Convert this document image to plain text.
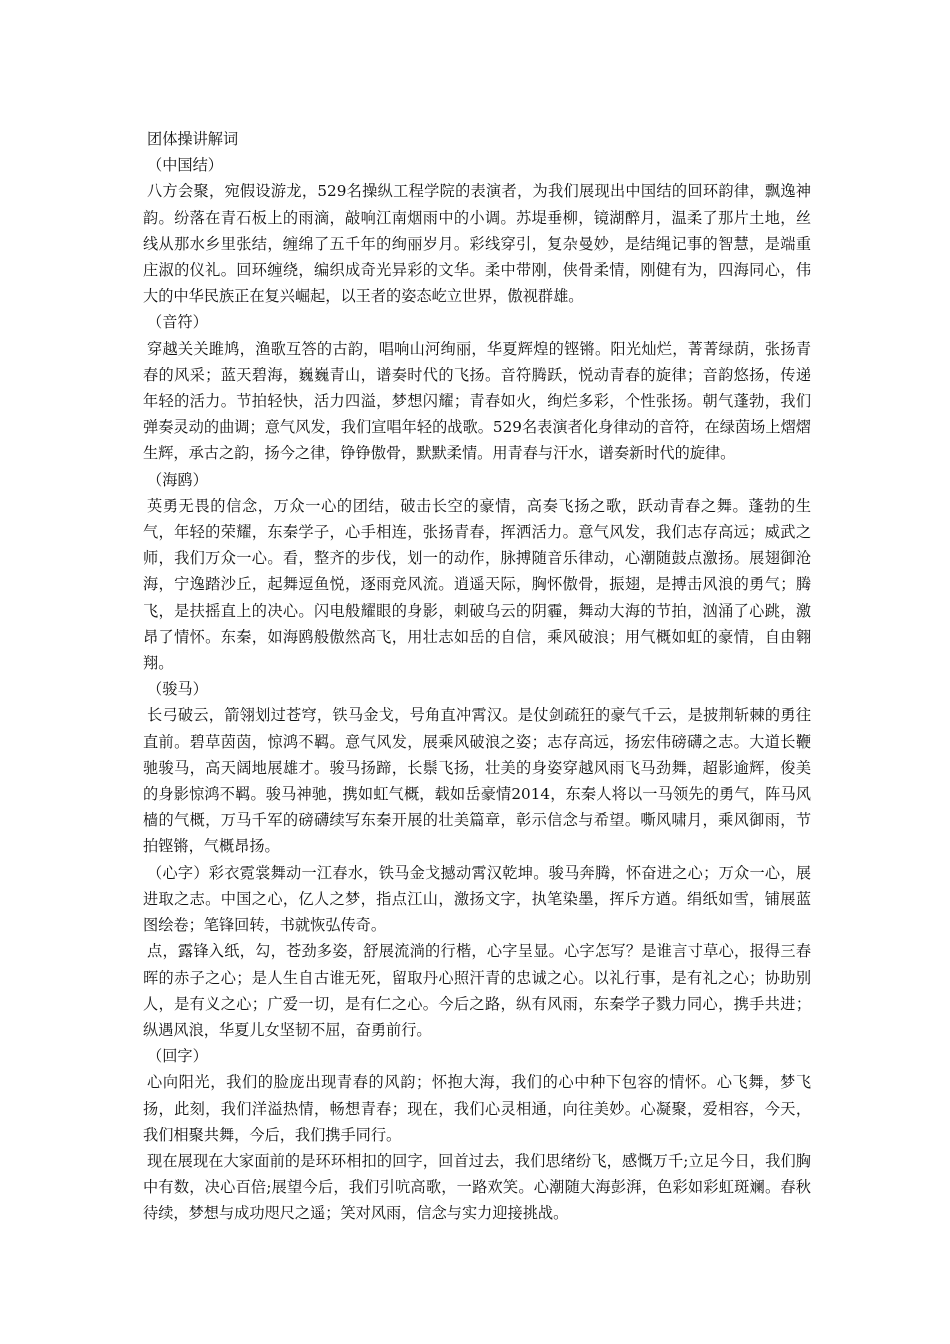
团体操讲解词

（中国结）

八方会聚，宛假设游龙，529名操纵工程学院的表演者，为我们展现出中国结的回环韵律，飘逸神韵。纷落在青石板上的雨滴，敲响江南烟雨中的小调。苏堤垂柳，镜湖醉月，温柔了那片土地，丝线从那水乡里张结，缠绵了五千年的绚丽岁月。彩线穿引，复杂曼妙，是结绳记事的智慧，是端重庄淑的仪礼。回环缠绕，编织成奇光异彩的文华。柔中带刚，侠骨柔情，刚健有为，四海同心，伟大的中华民族正在复兴崛起，以王者的姿态屹立世界，傲视群雄。

（音符）

穿越关关雎鸠，渔歌互答的古韵，唱响山河绚丽，华夏辉煌的铿锵。阳光灿烂，菁菁绿荫，张扬青春的风采；蓝天碧海，巍巍青山，谱奏时代的飞扬。音符腾跃，悦动青春的旋律；音韵悠扬，传递年轻的活力。节拍轻快，活力四溢，梦想闪耀；青春如火，绚烂多彩，个性张扬。朝气蓬勃，我们弹奏灵动的曲调；意气风发，我们宣唱年轻的战歌。529名表演者化身律动的音符，在绿茵场上熠熠生辉，承古之韵，扬今之律，铮铮傲骨，默默柔情。用青春与汗水，谱奏新时代的旋律。

（海鸥）

英勇无畏的信念，万众一心的团结，破击长空的豪情，高奏飞扬之歌，跃动青春之舞。蓬勃的生气，年轻的荣耀，东秦学子，心手相连，张扬青春，挥洒活力。意气风发，我们志存高远；威武之师，我们万众一心。看，整齐的步伐，划一的动作，脉搏随音乐律动，心潮随鼓点激扬。展翅御沧海，宁逸踏沙丘，起舞逗鱼悦，逐雨竞风流。逍遥天际，胸怀傲骨，振翅，是搏击风浪的勇气；腾飞，是扶摇直上的决心。闪电般耀眼的身影，刺破乌云的阴霾，舞动大海的节拍，汹涌了心跳，激昂了情怀。东秦，如海鸥般傲然高飞，用壮志如岳的自信，乘风破浪；用气概如虹的豪情，自由翱翔。

（骏马）

长弓破云，箭翎划过苍穹，铁马金戈，号角直冲霄汉。是仗剑疏狂的豪气千云，是披荆斩棘的勇往直前。碧草茵茵，惊鸿不羁。意气风发，展乘风破浪之姿；志存高远，扬宏伟磅礴之志。大道长鞭驰骏马，高天阔地展雄才。骏马扬蹄，长鬃飞扬，壮美的身姿穿越风雨飞马劲舞，超影逾辉，俊美的身影惊鸿不羁。骏马神驰，携如虹气概，载如岳豪情2014，东秦人将以一马领先的勇气，阵马风樯的气概，万马千军的磅礴续写东秦开展的壮美篇章，彰示信念与希望。嘶风啸月，乘风御雨，节拍铿锵，气概昂扬。

（心字）彩衣霓裳舞动一江春水，铁马金戈撼动霄汉乾坤。骏马奔腾，怀奋进之心；万众一心，展进取之志。中国之心，亿人之梦，指点江山，激扬文字，执笔染墨，挥斥方遒。绢纸如雪，铺展蓝图绘卷；笔锋回转，书就恢弘传奇。

点，露锋入纸，勾，苍劲多姿，舒展流淌的行楷，心字呈显。心字怎写？是谁言寸草心，报得三春晖的赤子之心；是人生自古谁无死，留取丹心照汗青的忠诚之心。以礼行事，是有礼之心；协助别人，是有义之心；广爱一切，是有仁之心。今后之路，纵有风雨，东秦学子戮力同心，携手共进；纵遇风浪，华夏儿女坚韧不屈，奋勇前行。

（回字）

心向阳光，我们的脸庞出现青春的风韵；怀抱大海，我们的心中种下包容的情怀。心飞舞，梦飞扬，此刻，我们洋溢热情，畅想青春；现在，我们心灵相通，向往美妙。心凝聚，爱相容，今天，我们相聚共舞，今后，我们携手同行。

现在展现在大家面前的是环环相扣的回字，回首过去，我们思绪纷飞，感慨万千;立足今日，我们胸中有数，决心百倍;展望今后，我们引吭高歌，一路欢笑。心潮随大海彭湃，色彩如彩虹斑斓。春秋待续，梦想与成功咫尺之遥；笑对风雨，信念与实力迎接挑战。
